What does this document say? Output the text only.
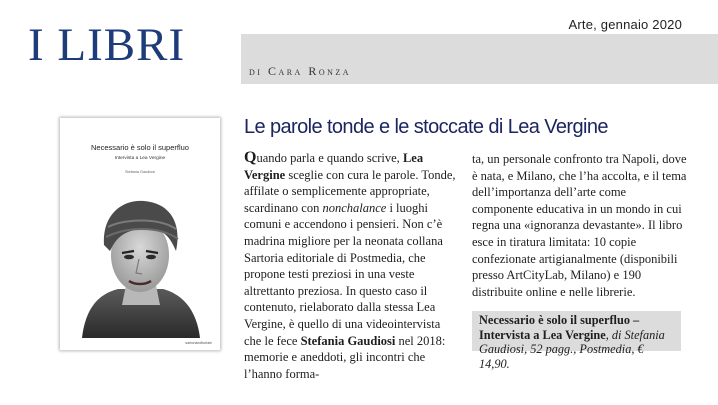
Arte, gennaio 2020
I LIBRI	di Cara Ronza
Le parole tonde e le stoccate di Lea Vergine
Necessario è solo il superfluo
Intervista a Lea Vergine
Stefania Gaudiosi
sartoriaeditoriale

Quando parla e quando scrive, Lea Vergine sceglie con cura le parole. Tonde, affilate o semplicemente appropriate, scardinano con nonchalance i luoghi comuni e accendono i pensieri. Non c’è madrina migliore per la neonata collana Sartoria editoriale di Postmedia, che propone testi preziosi in una veste altrettanto preziosa. In questo caso il contenuto, rielaborato dalla stessa Lea Vergine, è quello di una videointervista che le fece Stefania Gaudiosi nel 2018: memorie e aneddoti, gli incontri che l’hanno forma-

ta, un personale confronto tra Napoli, dove è nata, e Milano, che l’ha accolta, e il tema dell’importanza dell’arte come componente educativa in un mondo in cui regna una «ignoranza devastante». Il libro esce in tiratura limitata: 10 copie confezionate artigianalmente (disponibili presso ArtCityLab, Milano) e 190 distribuite online e nelle librerie.

Necessario è solo il superfluo – Intervista a Lea Vergine, di Stefania Gaudiosi, 52 pagg., Postmedia, € 14,90.
